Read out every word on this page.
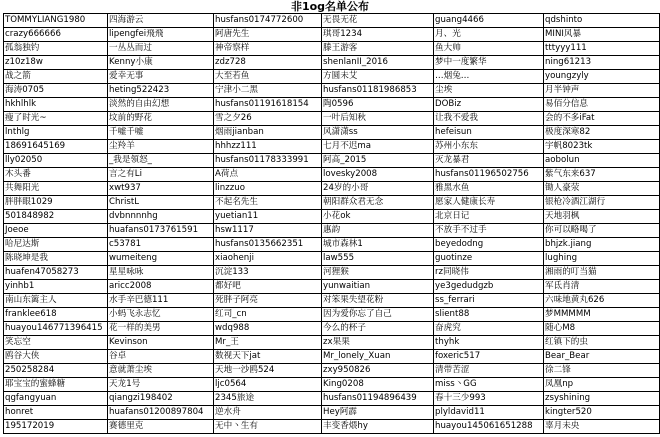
非1og名单公布
TOMMYLIANG1980	四海游云	husfans0174772600	无畏无花	guang4466	qdshinto
crazy666666	lipengfei飛飛	阿唐先生	琪哥1234	月、光	MINI风暴
孤翁独钓	一丛丛而过	神帝察样	滕王游客	鱼大帅	tttyyy111
z10z18w	Kenny小康	zdz728	shenlanII_2016	梦中一度繁华	ning61213
战之箭	爱幸无事	大至若鱼	方圆未艾	…烟兔…	youngzyly
海涛0705	heting522423	宁津小二黑	husfans01181986853	尘埃	月半钟声
hkhlhlk	淡然的自由幻想	husfans01191618154	陶0596	DOBiz	易佰分信息
瘦了时光~	坟前的野花	雪之夕26	一叶后知秋	让我不爱我	会的不多iFat
lnthlg	千嘘千嘘	烟雨jianban	风潇潇ss	hefeisun	极度深寒82
18691645169	尘羚羊	hhhzz111	七月不迟ma	苏州小东东	宇帆8023tk
lly02050	_我是領怒_	husfans01178333991	阿高_2015	灭龙暴君	aobolun
木头番	言之有Li	A荷点	lovesky2008	husfans01196502756	紫气东来637
共舞阳光	xwt937	linzzuo	24岁的小哥	雅黑水鱼	锄人豪荥
胖胖眼1029	ChristL	不起名先生	朝阳群众君无念	愿家人健康长寿	银枪冷酒江湖行
501848982	dvbnnnnhg	yuetian11	小花ok	北京日记	天地羽枫
Joeoe	huafans0173761591	hsw1117	惠韵	不放手不过手	你可以略喝了
哈尼达斯	c53781	husfans0135662351	城市森林1	beyedodng	bhjzk.jiang
陈晓坤是我	wumeiteng	xiaohenji	law555	guotinze	lughing
huafen47058273	星星咏咏	沉淀133	河狸猴	rz同晓伟	湘雨的叮当猫
yinhb1	aricc2008	都好吧	yunwaitian	ye3gedudgzb	军氐肖清
南山东篱主人	水手辛巴德111	死胖子阿亮	对笨果失望花粉	ss_ferrari	六味地黄丸626
franklee618	小蚂飞永志忆	红司_cn	因为爱你忘了自己	slient88	梦MMMMM
huayou146771396415	花一样的美男	wdq988	今么的杯子	奋虎究	随心M8
笑忘空	Kevinson	Mr_王	zx果果	thyhk	红镇下的虫
鸥谷大侠	谷卓	数视天下jat	Mr_lonely_Xuan	foxeric517	Bear_Bear
250258284	意就萧尘埃	天地一沙鸥524	zxy950826	清带苦涩	徐二锋
耶宝宝的蜜蜂糖	天龙1号	ljc0564	King0208	miss丶GG	凤凰np
qgfangyuan	qiangzi198402	2345旅途	husfans01194896439	春十三少993	zsyshining
honret	huafans01200897804	逆水舟	Hey阿霹	plyldavid11	kingter520
195172019	赛德里克	无中丶生有	丰变香煨hy	huayou145061651288	辜月未央
